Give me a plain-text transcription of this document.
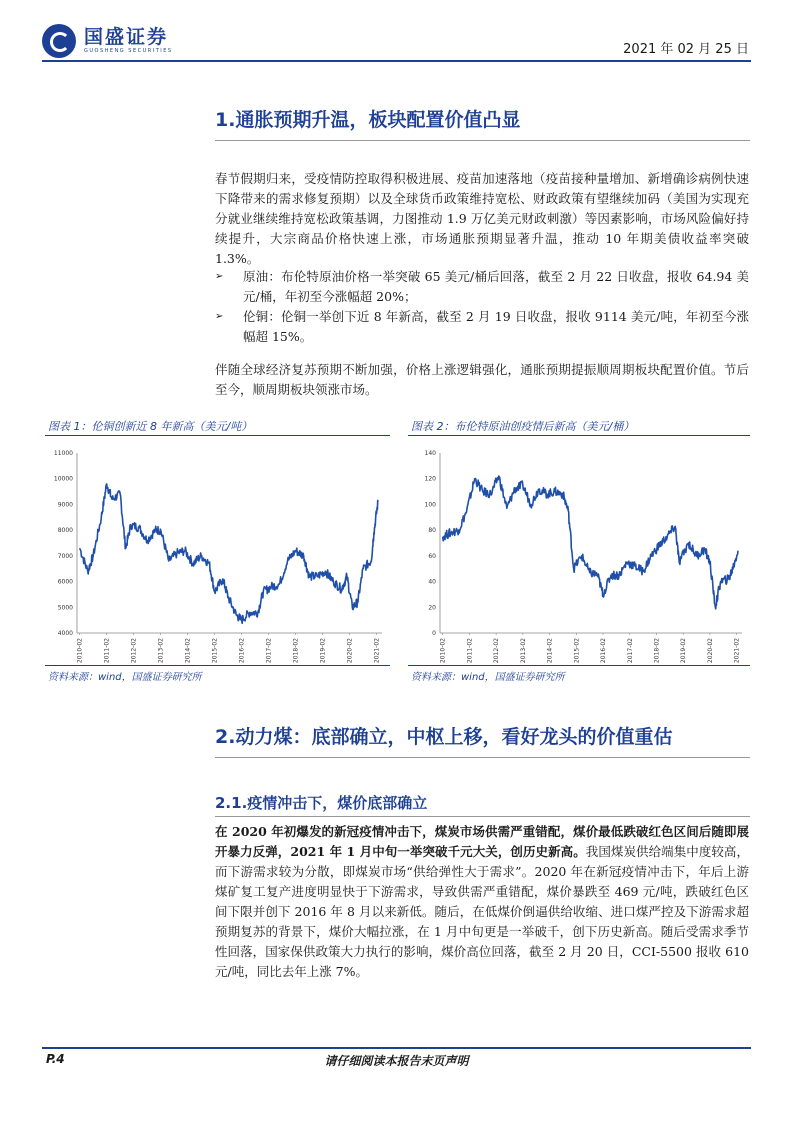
国盛证券
GUOSHENG SECURITIES	2021 年 02 月 25 日
1.通胀预期升温，板块配置价值凸显
春节假期归来，受疫情防控取得积极进展、疫苗加速落地（疫苗接种量增加、新增确诊病例快速下降带来的需求修复预期）以及全球货币政策维持宽松、财政政策有望继续加码（美国为实现充分就业继续维持宽松政策基调，力图推动 1.9 万亿美元财政刺激）等因素影响，市场风险偏好持续提升，大宗商品价格快速上涨，市场通胀预期显著升温，推动 10 年期美债收益率突破 1.3%。
➢	原油：布伦特原油价格一举突破 65 美元/桶后回落，截至 2 月 22 日收盘，报收 64.94 美元/桶，年初至今涨幅超 20%；
➢	伦铜：伦铜一举创下近 8 年新高，截至 2 月 19 日收盘，报收 9114 美元/吨，年初至今涨幅超 15%。
伴随全球经济复苏预期不断加强，价格上涨逻辑强化，通胀预期提振顺周期板块配置价值。节后至今，顺周期板块领涨市场。
图表 1：伦铜创新近 8 年新高（美元/吨）	图表 2：布伦特原油创疫情后新高（美元/桶）
4000
5000
6000
7000
8000
9000
10000
11000
2010-02	2011-02	2012-02	2013-02	2014-02	2015-02	2016-02	2017-02	2018-02	2019-02	2020-02	2021-02
0
20
40
60
80
100
120
140
2010-02	2011-02	2012-02	2013-02	2014-02	2015-02	2016-02	2017-02	2018-02	2019-02	2020-02	2021-02
资料来源：wind，国盛证券研究所	资料来源：wind，国盛证券研究所
2.动力煤：底部确立，中枢上移，看好龙头的价值重估
2.1.疫情冲击下，煤价底部确立
在 2020 年初爆发的新冠疫情冲击下，煤炭市场供需严重错配，煤价最低跌破红色区间后随即展开暴力反弹，2021 年 1 月中旬一举突破千元大关，创历史新高。我国煤炭供给端集中度较高，而下游需求较为分散，即煤炭市场“供给弹性大于需求”。2020 年在新冠疫情冲击下，年后上游煤矿复工复产进度明显快于下游需求，导致供需严重错配，煤价暴跌至 469 元/吨，跌破红色区间下限并创下 2016 年 8 月以来新低。随后，在低煤价倒逼供给收缩、进口煤严控及下游需求超预期复苏的背景下，煤价大幅拉涨，在 1 月中旬更是一举破千，创下历史新高。随后受需求季节性回落，国家保供政策大力执行的影响，煤价高位回落，截至 2 月 20 日，CCI-5500 报收 610 元/吨，同比去年上涨 7%。
P.4	请仔细阅读本报告末页声明
